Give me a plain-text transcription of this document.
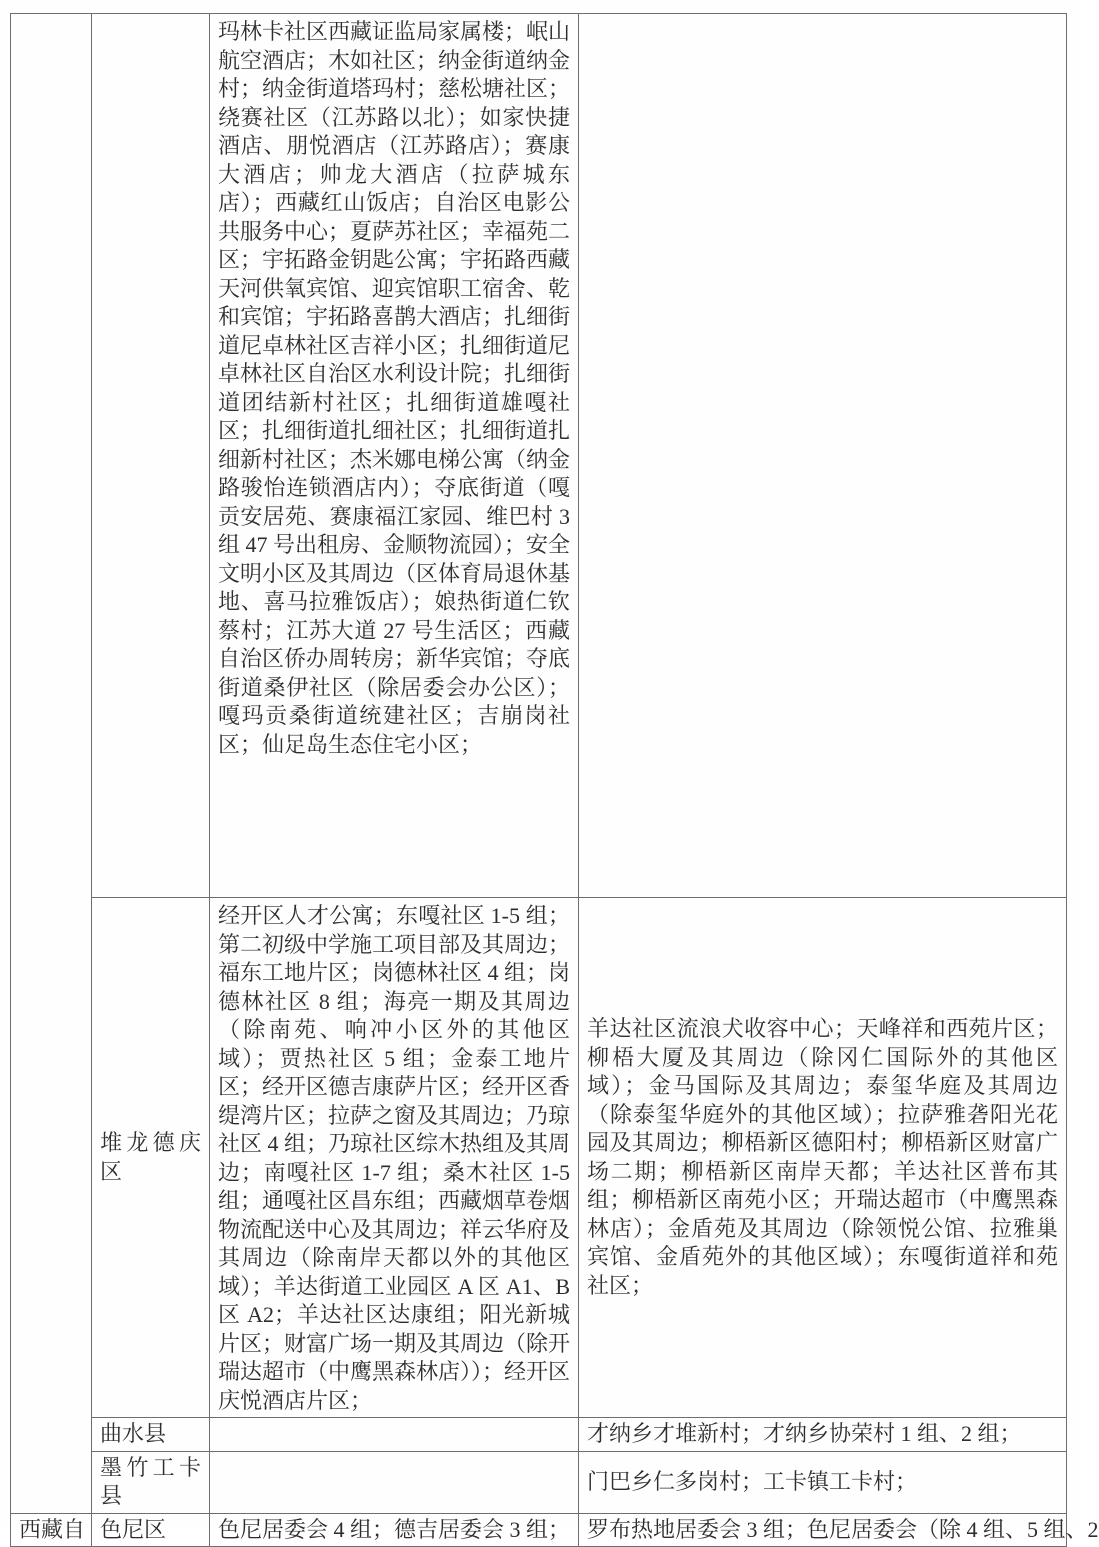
		玛林卡社区西藏证监局家属楼；岷山航空酒店；木如社区；纳金街道纳金村；纳金街道塔玛村；慈松塘社区；绕赛社区（江苏路以北）；如家快捷酒店、朋悦酒店（江苏路店）；赛康大酒店；帅龙大酒店（拉萨城东店）；西藏红山饭店；自治区电影公共服务中心；夏萨苏社区；幸福苑二区；宇拓路金钥匙公寓；宇拓路西藏天河供氧宾馆、迎宾馆职工宿舍、乾和宾馆；宇拓路喜鹊大酒店；扎细街道尼卓林社区吉祥小区；扎细街道尼卓林社区自治区水利设计院；扎细街道团结新村社区；扎细街道雄嘎社区；扎细街道扎细社区；扎细街道扎细新村社区；杰米娜电梯公寓（纳金路骏怡连锁酒店内）；夺底街道（嘎贡安居苑、赛康福江家园、维巴村 3 组 47 号出租房、金顺物流园）；安全文明小区及其周边（区体育局退休基地、喜马拉雅饭店）；娘热街道仁钦蔡村；江苏大道 27 号生活区；西藏自治区侨办周转房；新华宾馆；夺底街道桑伊社区（除居委会办公区）；嘎玛贡桑街道统建社区；吉崩岗社区；仙足岛生态住宅小区；	
	堆龙德庆区	经开区人才公寓；东嘎社区 1-5 组；第二初级中学施工项目部及其周边；福东工地片区；岗德林社区 4 组；岗德林社区 8 组；海亮一期及其周边（除南苑、响冲小区外的其他区域）；贾热社区 5 组；金泰工地片区；经开区德吉康萨片区；经开区香缇湾片区；拉萨之窗及其周边；乃琼社区 4 组；乃琼社区综木热组及其周边；南嘎社区 1-7 组；桑木社区 1-5 组；通嘎社区昌东组；西藏烟草卷烟物流配送中心及其周边；祥云华府及其周边（除南岸天都以外的其他区域）；羊达街道工业园区 A 区 A1、B 区 A2；羊达社区达康组；阳光新城片区；财富广场一期及其周边（除开瑞达超市（中鹰黑森林店））；经开区庆悦酒店片区；	羊达社区流浪犬收容中心；天峰祥和西苑片区；柳梧大厦及其周边（除冈仁国际外的其他区域）；金马国际及其周边；泰玺华庭及其周边（除泰玺华庭外的其他区域）；拉萨雅砻阳光花园及其周边；柳梧新区德阳村；柳梧新区财富广场二期；柳梧新区南岸天都；羊达社区普布其组；柳梧新区南苑小区；开瑞达超市（中鹰黑森林店）；金盾苑及其周边（除领悦公馆、拉雅巢宾馆、金盾苑外的其他区域）；东嘎街道祥和苑社区；
	曲水县		才纳乡才堆新村；才纳乡协荣村 1 组、2 组；
	墨竹工卡县		门巴乡仁多岗村；工卡镇工卡村；
西藏自	色尼区	色尼居委会 4 组；德吉居委会 3 组；	罗布热地居委会 3 组；色尼居委会（除 4 组、5 组、2
